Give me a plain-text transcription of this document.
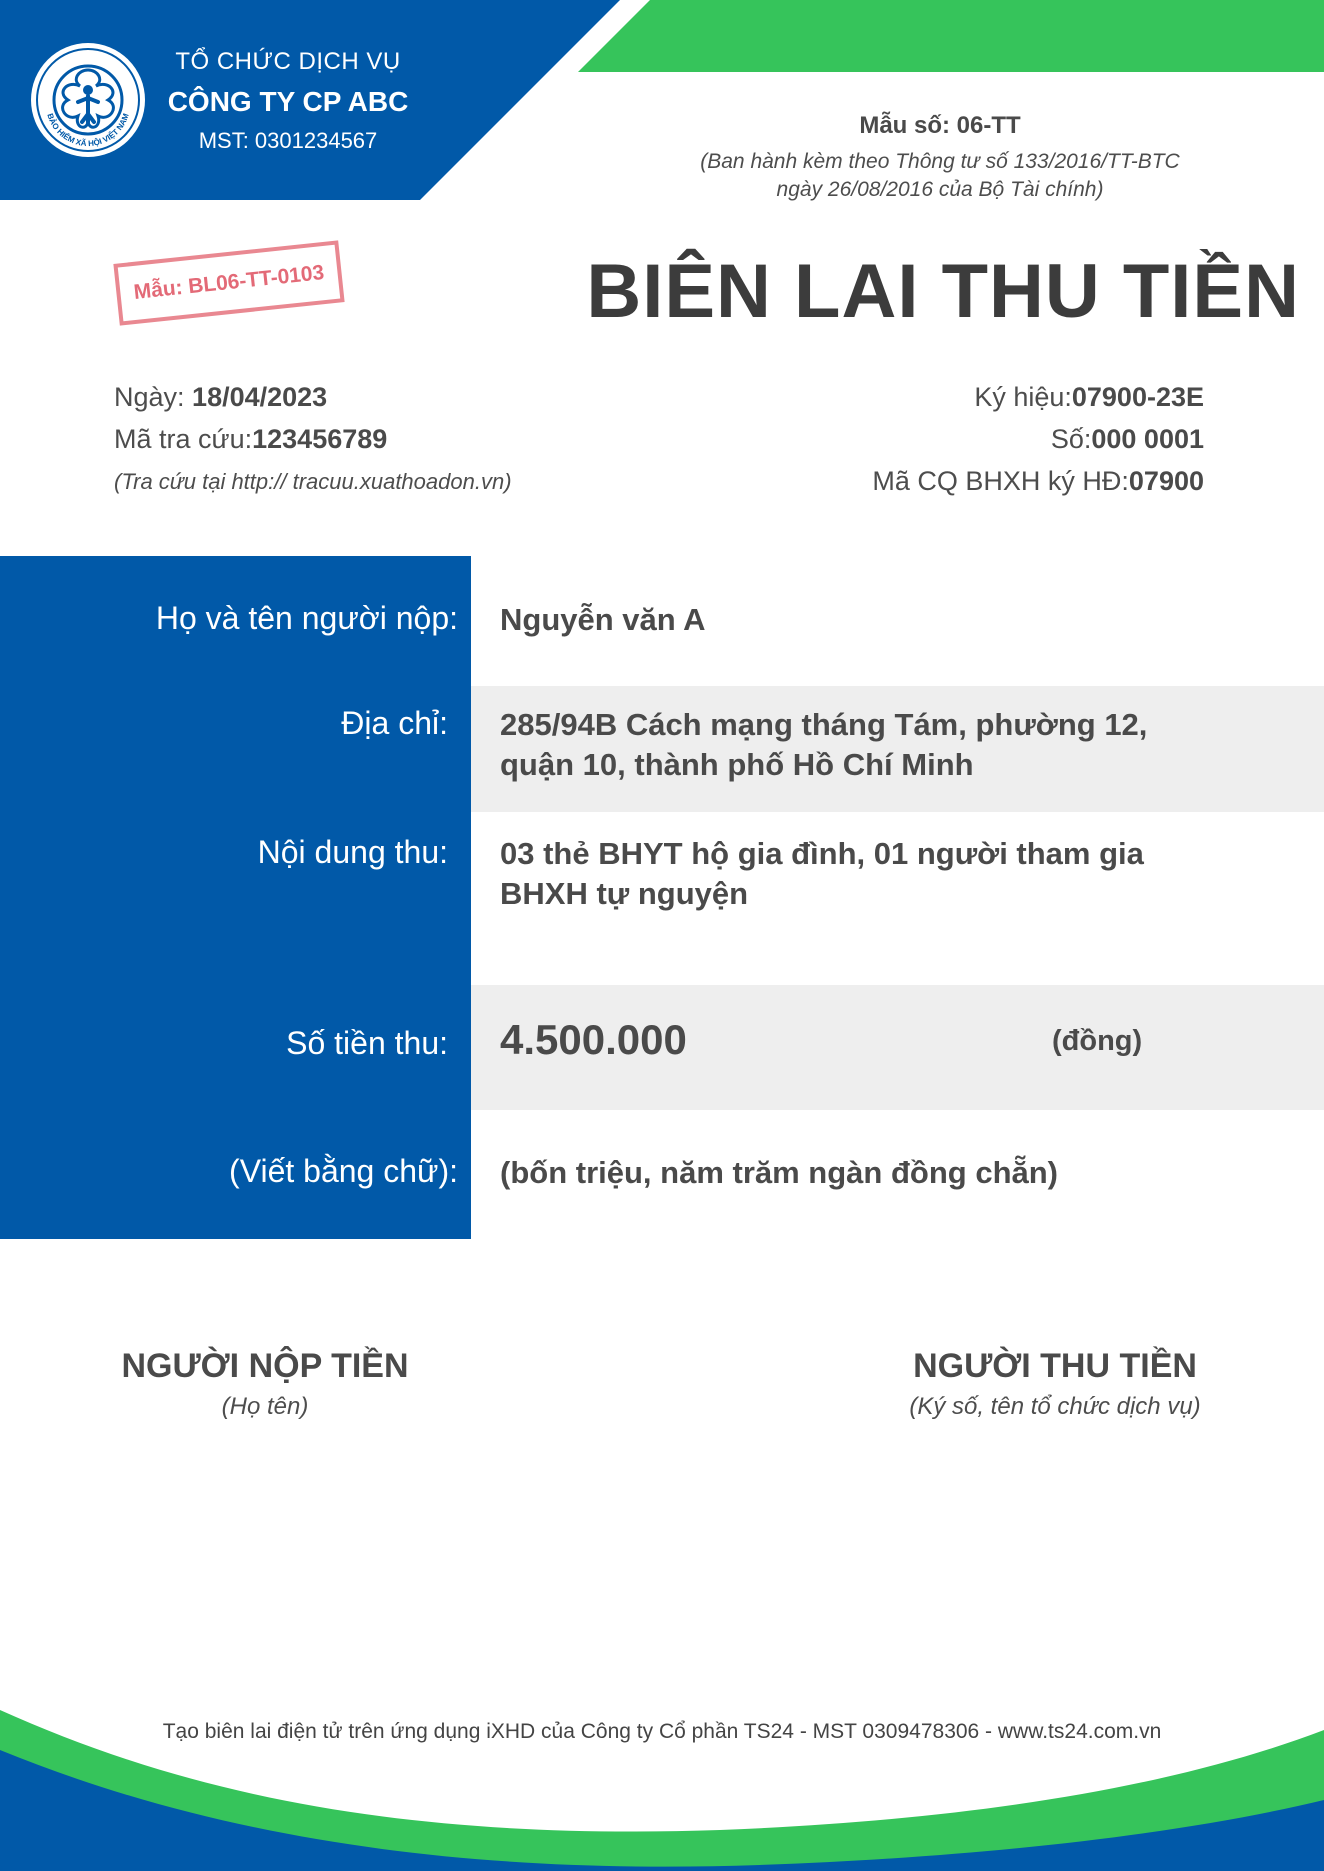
BẢO HIỂM XÃ HỘI VIỆT NAM
TỔ CHỨC DỊCH VỤ
CÔNG TY CP ABC
MST: 0301234567
Mẫu số: 06-TT
(Ban hành kèm theo Thông tư số 133/2016/TT-BTC
ngày 26/08/2016 của Bộ Tài chính)
Mẫu: BL06-TT-0103	BIÊN LAI THU TIỀN
Ngày: 18/04/2023
Mã tra cứu:123456789
(Tra cứu tại http:// tracuu.xuathoadon.vn)
Ký hiệu:07900-23E
Số:000 0001
Mã CQ BHXH ký HĐ:07900
Họ và tên người nộp: Nguyễn văn A
Địa chỉ: 285/94B Cách mạng tháng Tám, phường 12,
quận 10, thành phố Hồ Chí Minh
Nội dung thu: 03 thẻ BHYT hộ gia đình, 01 người tham gia
BHXH tự nguyện
Số tiền thu: 4.500.000	(đồng)
(Viết bằng chữ): (bốn triệu, năm trăm ngàn đồng chẵn)
NGƯỜI NỘP TIỀN
(Họ tên)
NGƯỜI THU TIỀN
(Ký số, tên tổ chức dịch vụ)
Tạo biên lai điện tử trên ứng dụng iXHD của Công ty Cổ phần TS24 - MST 0309478306 - www.ts24.com.vn
